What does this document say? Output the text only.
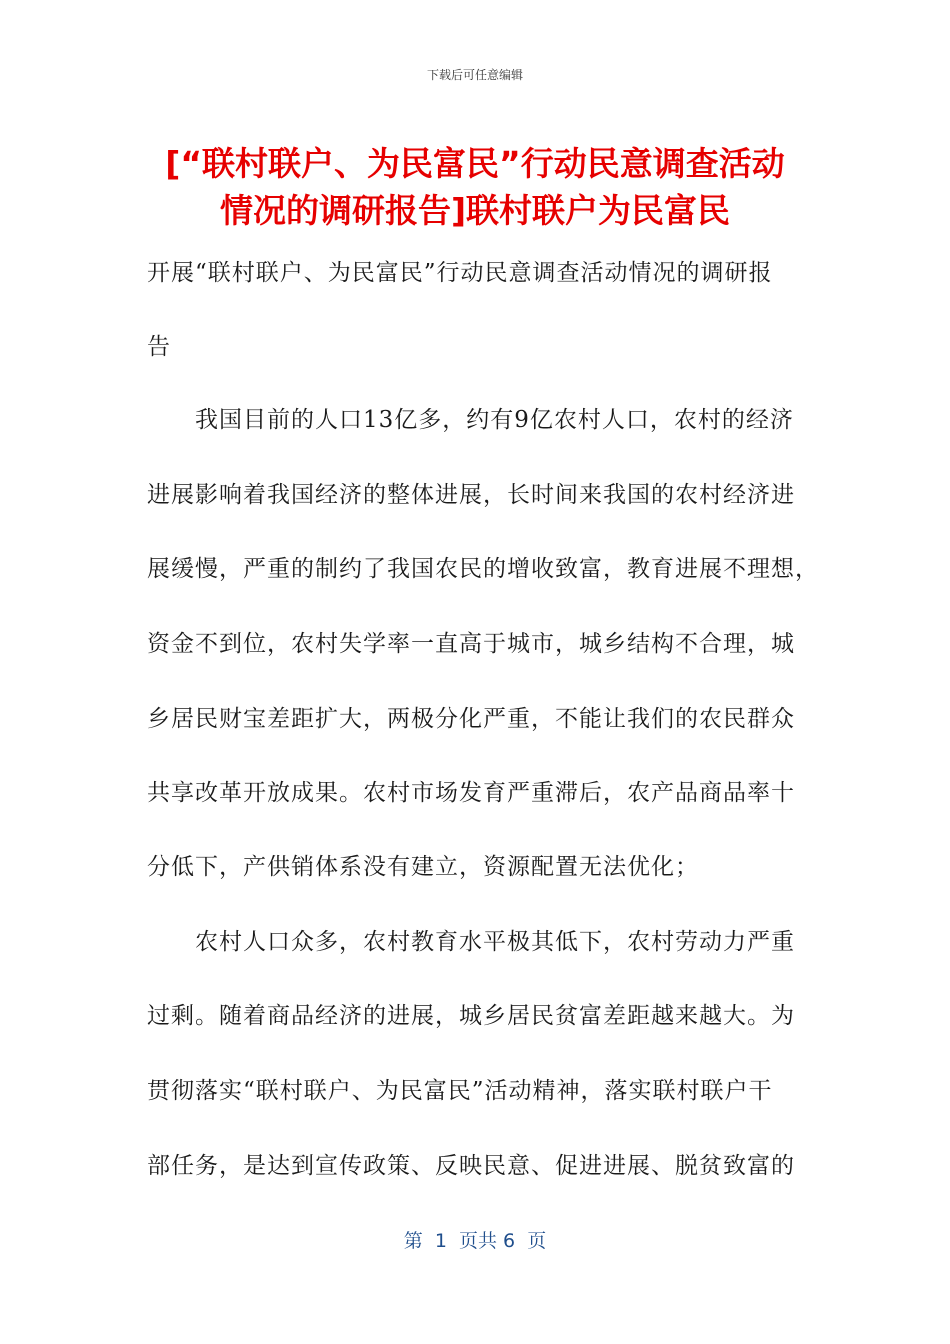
下载后可任意编辑
[“联村联户、为民富民”行动民意调查活动
情况的调研报告]联村联户为民富民
开展“联村联户、为民富民”行动民意调查活动情况的调研报
告
　　我国目前的人口13亿多，约有9亿农村人口，农村的经济
进展影响着我国经济的整体进展，长时间来我国的农村经济进
展缓慢，严重的制约了我国农民的增收致富，教育进展不理想，
资金不到位，农村失学率一直高于城市，城乡结构不合理，城
乡居民财宝差距扩大，两极分化严重，不能让我们的农民群众
共享改革开放成果。农村市场发育严重滞后，农产品商品率十
分低下，产供销体系没有建立，资源配置无法优化；
　　农村人口众多，农村教育水平极其低下，农村劳动力严重
过剩。随着商品经济的进展，城乡居民贫富差距越来越大。为
贯彻落实“联村联户、为民富民”活动精神，落实联村联户干
部任务，是达到宣传政策、反映民意、促进进展、脱贫致富的
第  1  页共 6  页
